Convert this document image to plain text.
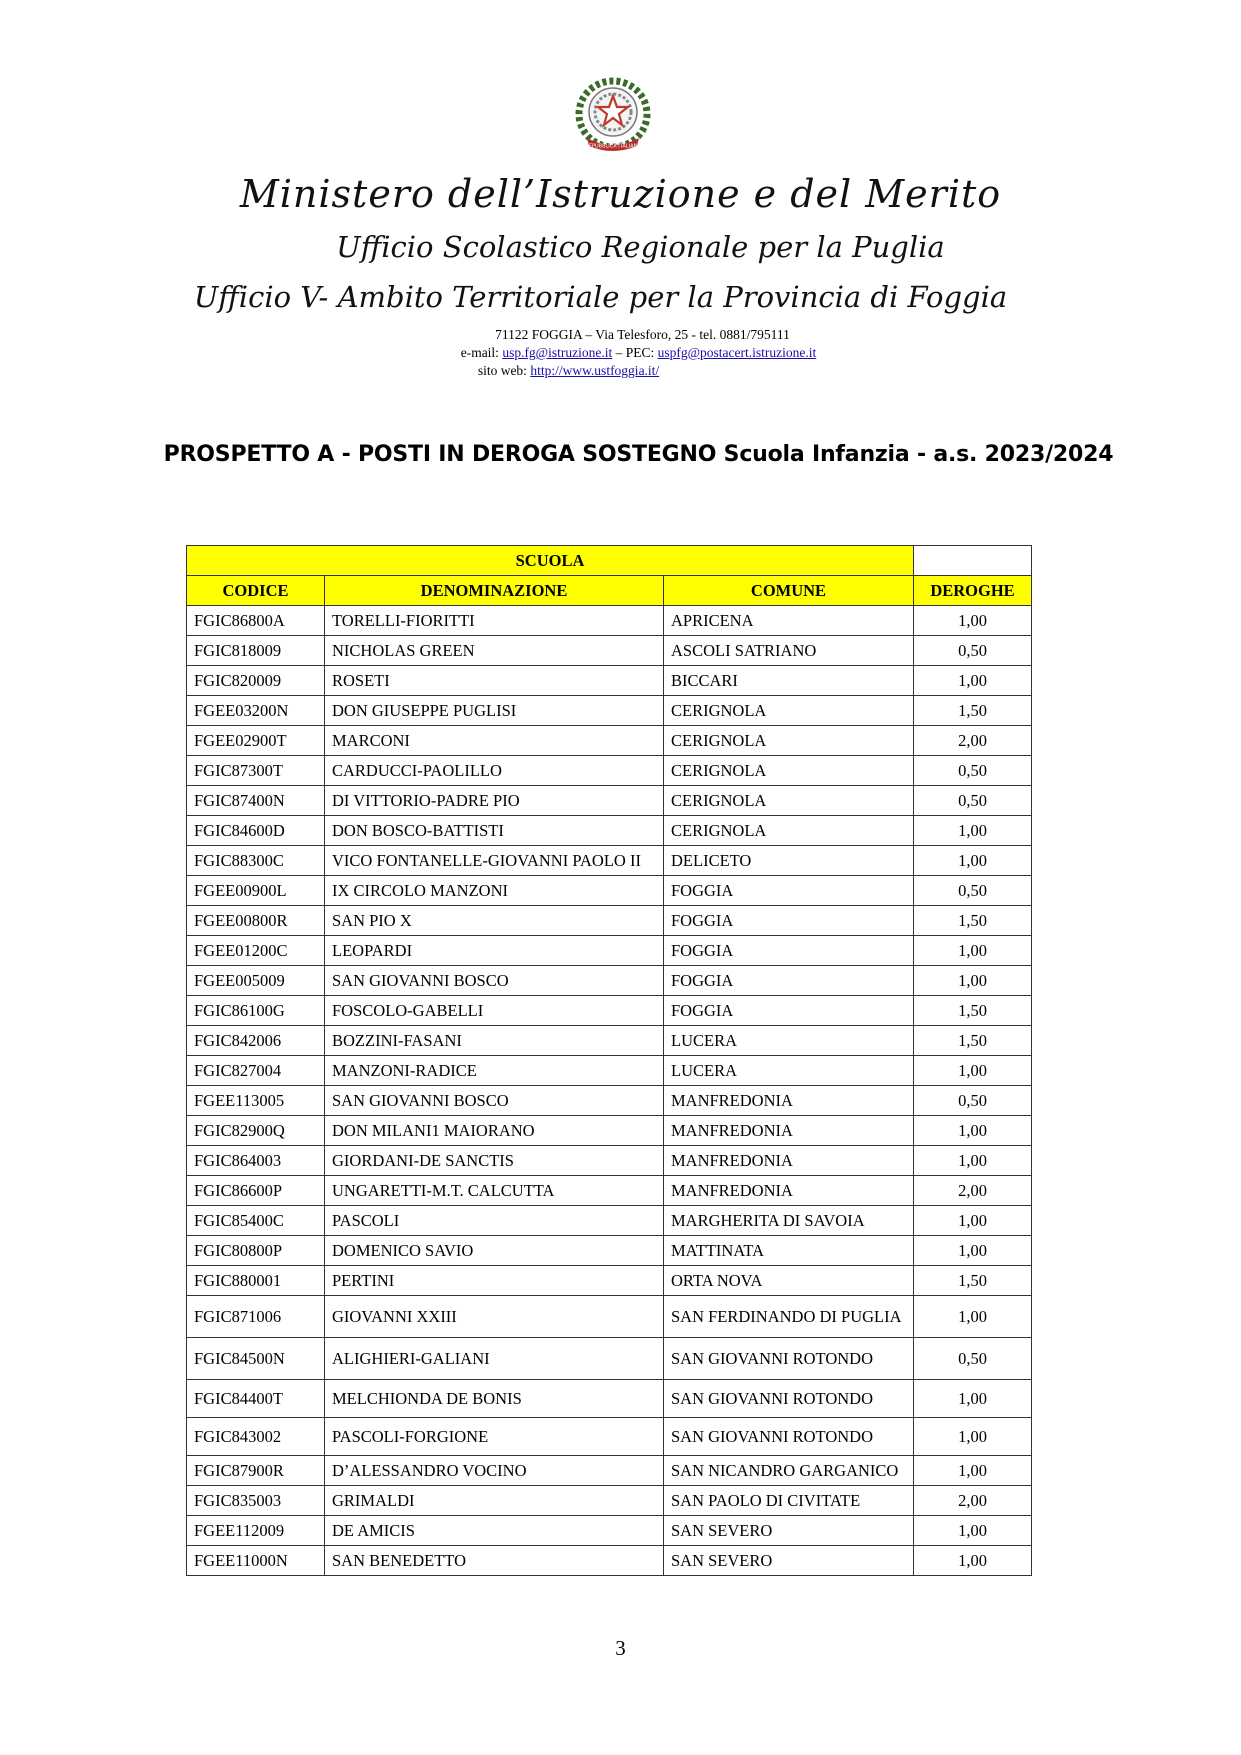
REPUBBLICA ITALIANA
Ministero dell’Istruzione e del Merito
Ufficio Scolastico Regionale per la Puglia
Ufficio V- Ambito Territoriale per la Provincia di Foggia
71122 FOGGIA – Via Telesforo, 25 - tel. 0881/795111
e-mail: usp.fg@istruzione.it – PEC: uspfg@postacert.istruzione.it
sito web: http://www.ustfoggia.it/
PROSPETTO A - POSTI IN DEROGA SOSTEGNO Scuola Infanzia - a.s. 2023/2024
SCUOLA			
CODICE	DENOMINAZIONE	COMUNE	DEROGHE
FGIC86800A	TORELLI-FIORITTI	APRICENA	1,00
FGIC818009	NICHOLAS GREEN	ASCOLI SATRIANO	0,50
FGIC820009	ROSETI	BICCARI	1,00
FGEE03200N	DON GIUSEPPE PUGLISI	CERIGNOLA	1,50
FGEE02900T	MARCONI	CERIGNOLA	2,00
FGIC87300T	CARDUCCI-PAOLILLO	CERIGNOLA	0,50
FGIC87400N	DI VITTORIO-PADRE PIO	CERIGNOLA	0,50
FGIC84600D	DON BOSCO-BATTISTI	CERIGNOLA	1,00
FGIC88300C	VICO FONTANELLE-GIOVANNI PAOLO II	DELICETO	1,00
FGEE00900L	IX CIRCOLO MANZONI	FOGGIA	0,50
FGEE00800R	SAN PIO X	FOGGIA	1,50
FGEE01200C	LEOPARDI	FOGGIA	1,00
FGEE005009	SAN GIOVANNI BOSCO	FOGGIA	1,00
FGIC86100G	FOSCOLO-GABELLI	FOGGIA	1,50
FGIC842006	BOZZINI-FASANI	LUCERA	1,50
FGIC827004	MANZONI-RADICE	LUCERA	1,00
FGEE113005	SAN GIOVANNI BOSCO	MANFREDONIA	0,50
FGIC82900Q	DON MILANI1 MAIORANO	MANFREDONIA	1,00
FGIC864003	GIORDANI-DE SANCTIS	MANFREDONIA	1,00
FGIC86600P	UNGARETTI-M.T. CALCUTTA	MANFREDONIA	2,00
FGIC85400C	PASCOLI	MARGHERITA DI SAVOIA	1,00
FGIC80800P	DOMENICO SAVIO	MATTINATA	1,00
FGIC880001	PERTINI	ORTA NOVA	1,50
FGIC871006	GIOVANNI XXIII	SAN FERDINANDO DI PUGLIA	1,00
FGIC84500N	ALIGHIERI-GALIANI	SAN GIOVANNI ROTONDO	0,50
FGIC84400T	MELCHIONDA DE BONIS	SAN GIOVANNI ROTONDO	1,00
FGIC843002	PASCOLI-FORGIONE	SAN GIOVANNI ROTONDO	1,00
FGIC87900R	D’ALESSANDRO VOCINO	SAN NICANDRO GARGANICO	1,00
FGIC835003	GRIMALDI	SAN PAOLO DI CIVITATE	2,00
FGEE112009	DE AMICIS	SAN SEVERO	1,00
FGEE11000N	SAN BENEDETTO	SAN SEVERO	1,00
3
